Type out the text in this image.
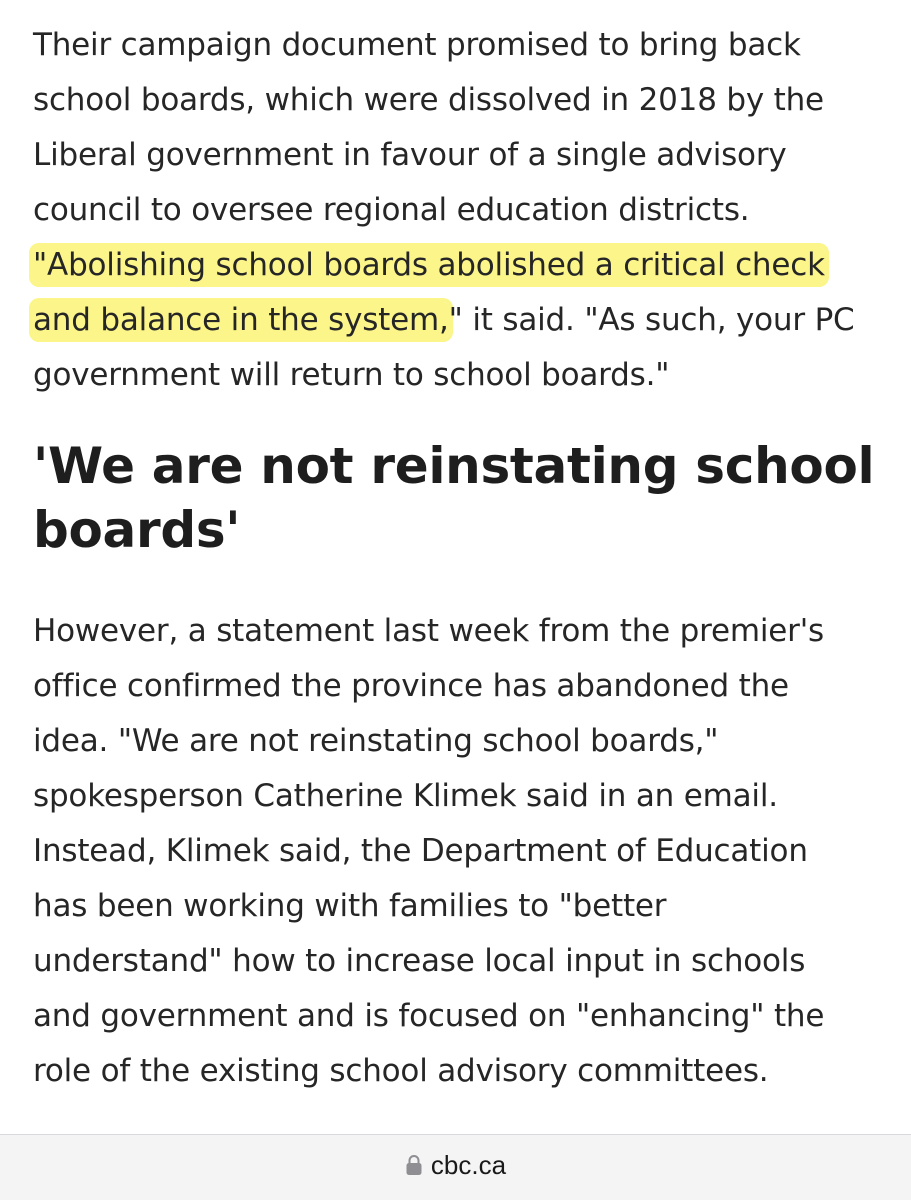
Their campaign document promised to bring back
school boards, which were dissolved in 2018 by the
Liberal government in favour of a single advisory
council to oversee regional education districts.
"Abolishing school boards abolished a critical check
and balance in the system," it said. "As such, your PC
government will return to school boards."

'We are not reinstating school
boards'

However, a statement last week from the premier's
office confirmed the province has abandoned the
idea. "We are not reinstating school boards,"
spokesperson Catherine Klimek said in an email.
Instead, Klimek said, the Department of Education
has been working with families to "better
understand" how to increase local input in schools
and government and is focused on "enhancing" the
role of the existing school advisory committees.

cbc.ca
